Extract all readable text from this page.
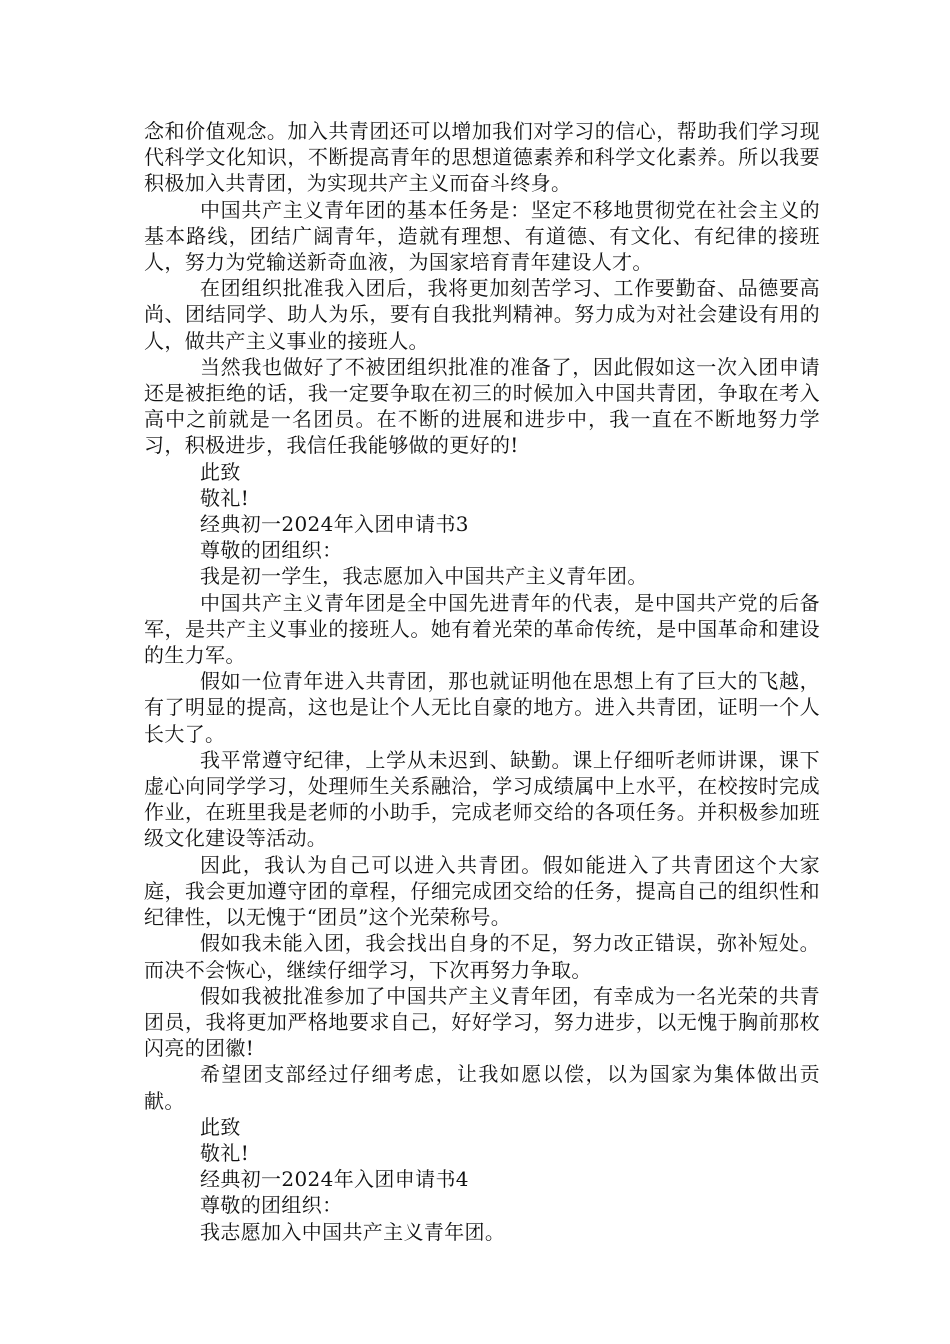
念和价值观念。加入共青团还可以增加我们对学习的信心，帮助我们学习现代科学文化知识，不断提高青年的思想道德素养和科学文化素养。所以我要积极加入共青团，为实现共产主义而奋斗终身。

中国共产主义青年团的基本任务是：坚定不移地贯彻党在社会主义的基本路线，团结广阔青年，造就有理想、有道德、有文化、有纪律的接班人，努力为党输送新奇血液，为国家培育青年建设人才。

在团组织批准我入团后，我将更加刻苦学习、工作要勤奋、品德要高尚、团结同学、助人为乐，要有自我批判精神。努力成为对社会建设有用的人，做共产主义事业的接班人。

当然我也做好了不被团组织批准的准备了，因此假如这一次入团申请还是被拒绝的话，我一定要争取在初三的时候加入中国共青团，争取在考入高中之前就是一名团员。在不断的进展和进步中，我一直在不断地努力学习，积极进步，我信任我能够做的更好的!

此致

敬礼!

经典初一2024年入团申请书3

尊敬的团组织：

我是初一学生，我志愿加入中国共产主义青年团。

中国共产主义青年团是全中国先进青年的代表，是中国共产党的后备军，是共产主义事业的接班人。她有着光荣的革命传统，是中国革命和建设的生力军。

假如一位青年进入共青团，那也就证明他在思想上有了巨大的飞越，有了明显的提高，这也是让个人无比自豪的地方。进入共青团，证明一个人长大了。

我平常遵守纪律，上学从未迟到、缺勤。课上仔细听老师讲课，课下虚心向同学学习，处理师生关系融洽，学习成绩属中上水平，在校按时完成作业，在班里我是老师的小助手，完成老师交给的各项任务。并积极参加班级文化建设等活动。

因此，我认为自己可以进入共青团。假如能进入了共青团这个大家庭，我会更加遵守团的章程，仔细完成团交给的任务，提高自己的组织性和纪律性，以无愧于“团员”这个光荣称号。

假如我未能入团，我会找出自身的不足，努力改正错误，弥补短处。而决不会恢心，继续仔细学习，下次再努力争取。

假如我被批准参加了中国共产主义青年团，有幸成为一名光荣的共青团员，我将更加严格地要求自己，好好学习，努力进步，以无愧于胸前那枚闪亮的团徽!

希望团支部经过仔细考虑，让我如愿以偿，以为国家为集体做出贡献。

此致

敬礼!

经典初一2024年入团申请书4

尊敬的团组织：

我志愿加入中国共产主义青年团。
